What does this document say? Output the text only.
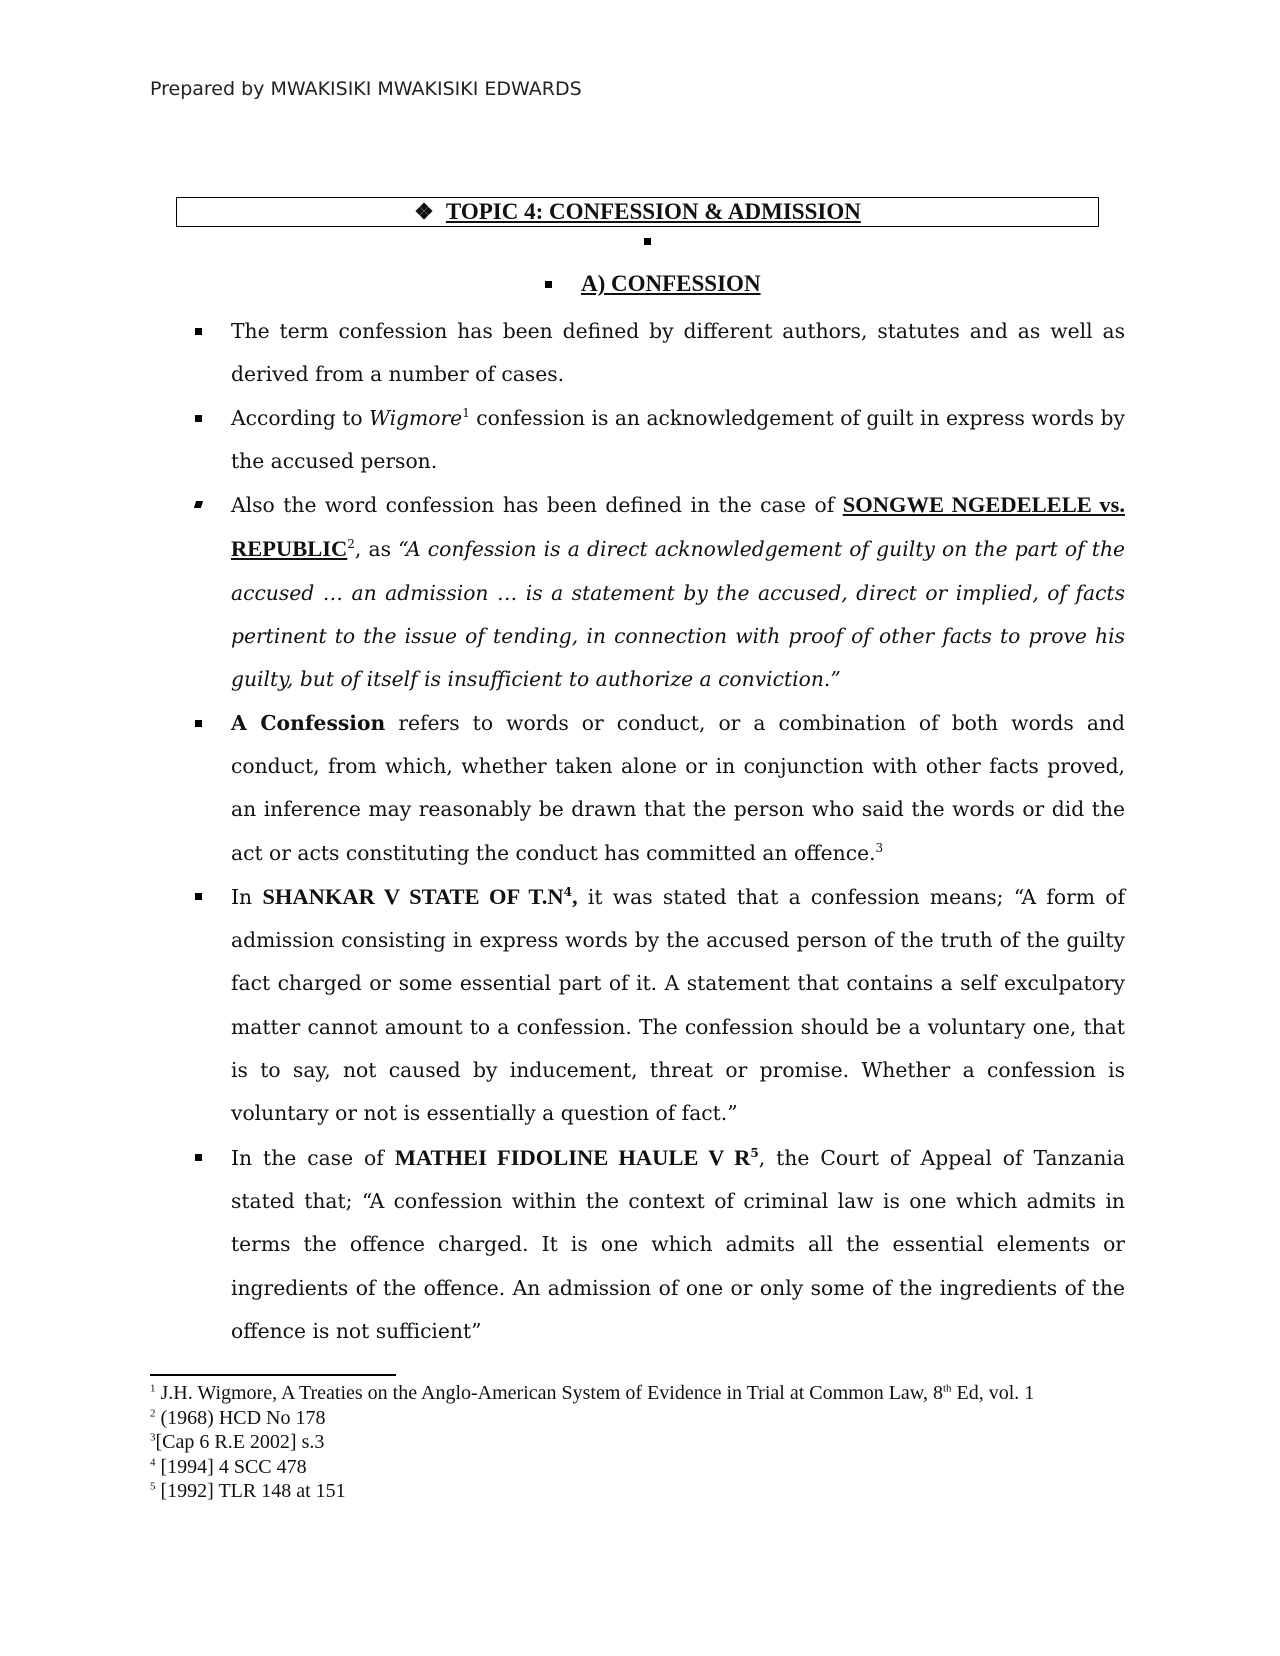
Prepared by MWAKISIKI MWAKISIKI EDWARDS
❖ TOPIC 4: CONFESSION & ADMISSION
A) CONFESSION
The term confession has been defined by different authors, statutes and as well as derived from a number of cases.
According to Wigmore$^1$ confession is an acknowledgement of guilt in express words by the accused person.
Also the word confession has been defined in the case of SONGWE NGEDELELE vs. REPUBLIC$^2$, as “A confession is a direct acknowledgement of guilty on the part of the accused … an admission … is a statement by the accused, direct or implied, of facts pertinent to the issue of tending, in connection with proof of other facts to prove his guilty, but of itself is insufficient to authorize a conviction.”
A Confession refers to words or conduct, or a combination of both words and conduct, from which, whether taken alone or in conjunction with other facts proved, an inference may reasonably be drawn that the person who said the words or did the act or acts constituting the conduct has committed an offence.$^3$
In SHANKAR V STATE OF $T.N^4$, it was stated that a confession means; “A form of admission consisting in express words by the accused person of the truth of the guilty fact charged or some essential part of it. A statement that contains a self exculpatory matter cannot amount to a confession. The confession should be a voluntary one, that is to say, not caused by inducement, threat or promise. Whether a confession is voluntary or not is essentially a question of fact.”
In the case of MATHEI FIDOLINE HAULE V $R^5$, the Court of Appeal of Tanzania stated that; “A confession within the context of criminal law is one which admits in terms the offence charged. It is one which admits all the essential elements or ingredients of the offence. An admission of one or only some of the ingredients of the offence is not sufficient”
$^1$ J.H. Wigmore, A Treaties on the Anglo-American System of Evidence in Trial at Common Law, 8th Ed, vol. 1
$^2$ (1968) HCD No 178
$^3$[Cap 6 R.E 2002] s.3
$^4$ [1994] 4 SCC 478
$^5$ [1992] TLR 148 at 151
